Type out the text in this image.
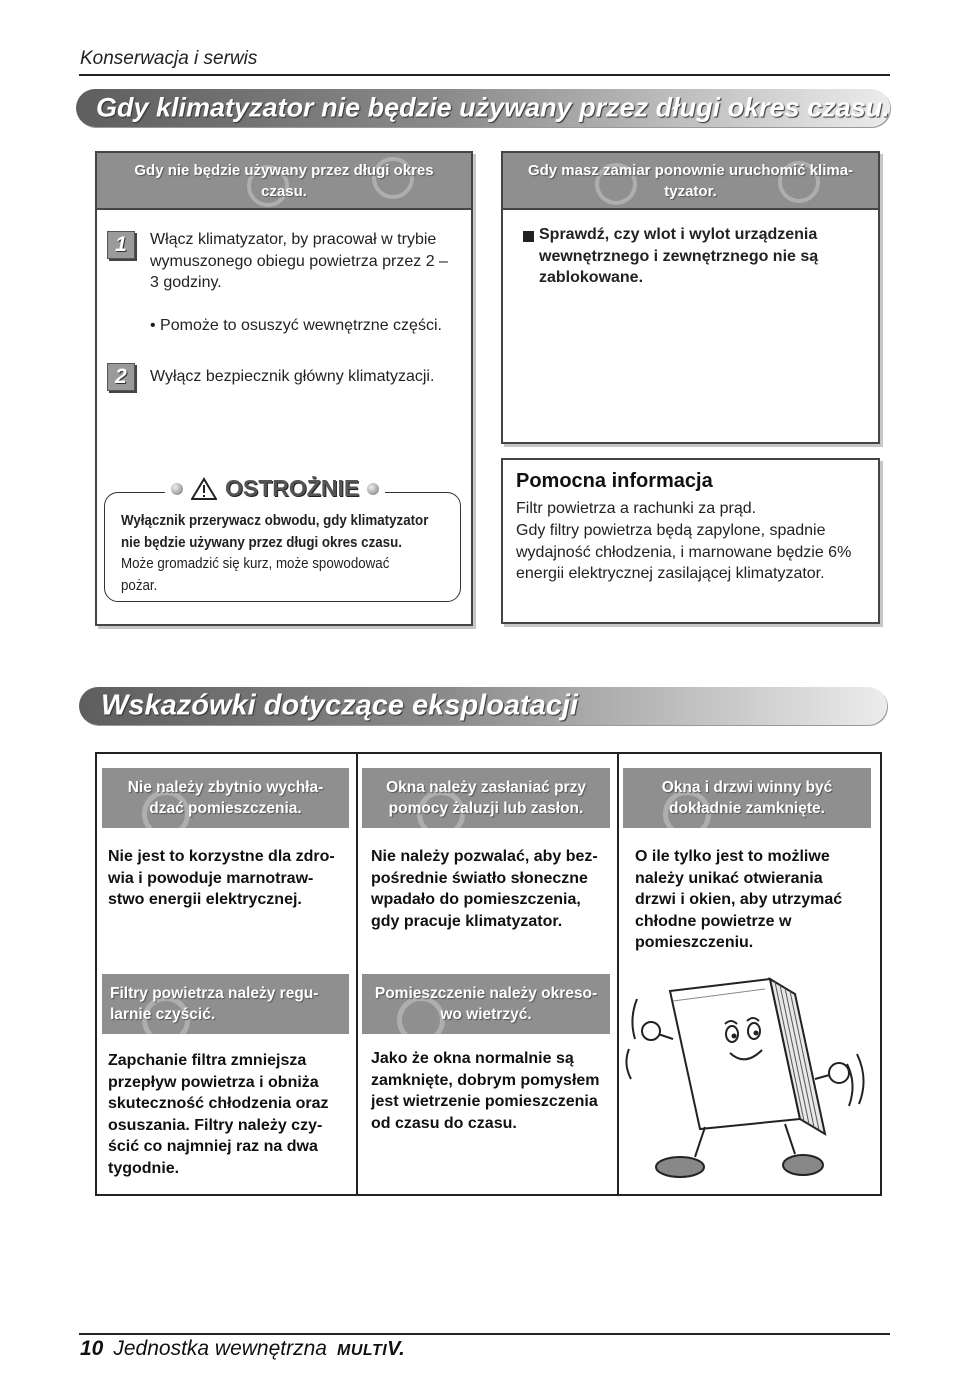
Konserwacja i serwis
Gdy klimatyzator nie będzie używany przez długi okres czasu.
Gdy nie będzie używany przez długi okres czasu.
1	Włącz klimatyzator, by pracował w trybie wymuszonego obiegu powietrza przez 2 – 3 godziny.
• Pomoże to osuszyć wewnętrzne części.
2	Wyłącz bezpiecznik główny klimatyzacji.
OSTROŻNIE
Wyłącznik przerywacz obwodu, gdy klimatyzator nie będzie używany przez długi okres czasu.
Może gromadzić się kurz, może spowodować pożar.
Gdy masz zamiar ponownie uruchomić klima-
tyzator.
Sprawdź, czy wlot i wylot urządzenia wewnętrznego i zewnętrznego nie są zablokowane.
Pomocna informacja
Filtr powietrza a rachunki za prąd.
Gdy filtry powietrza będą zapylone, spadnie wydajność chłodzenia, i marnowane będzie 6% energii elektrycznej zasilającej klimatyzator.
Wskazówki dotyczące eksploatacji
Nie należy zbytnio wychła-
dzać pomieszczenia.
Nie jest to korzystne dla zdro-
wia i powoduje marnotraw-
stwo energii elektrycznej.
Okna należy zasłaniać przy
pomocy żaluzji lub zasłon.
Nie należy pozwalać, aby bez-
pośrednie światło słoneczne
wpadało do pomieszczenia,
gdy pracuje klimatyzator.
Okna i drzwi winny być
dokładnie zamknięte.
O ile tylko jest to możliwe
należy unikać otwierania
drzwi i okien, aby utrzymać
chłodne powietrze w
pomieszczeniu.
Filtry powietrza należy regu-
larnie czyścić.
Zapchanie filtra zmniejsza
przepływ powietrza i obniża
skuteczność chłodzenia oraz
osuszania. Filtry należy czy-
ścić co najmniej raz na dwa
tygodnie.
Pomieszczenie należy okreso-
wo wietrzyć.
Jako że okna normalnie są
zamknięte, dobrym pomysłem
jest wietrzenie pomieszczenia
od czasu do czasu.
10 Jednostka wewnętrzna MULTIV.
